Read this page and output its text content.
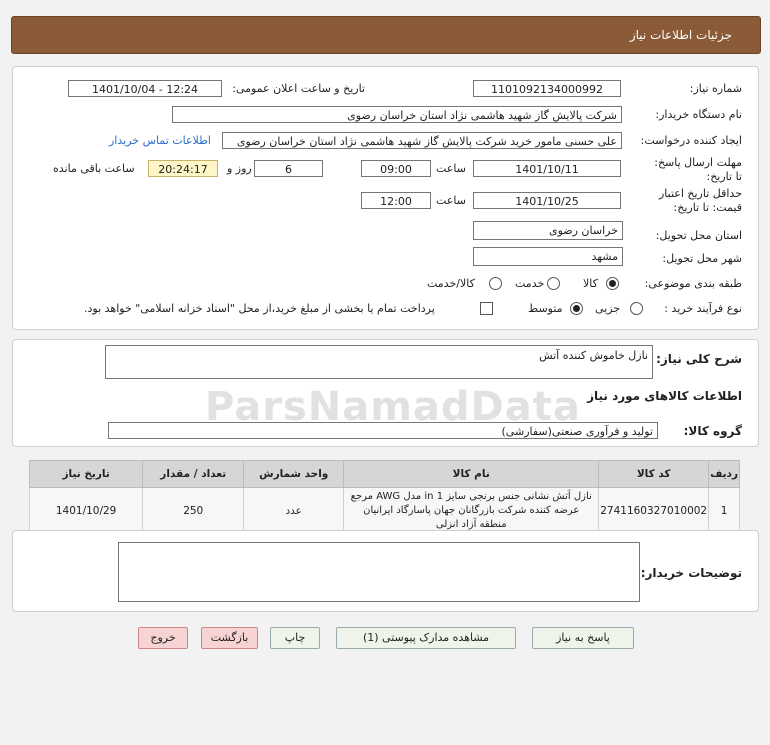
جزئیات اطلاعات نیاز
شماره نیاز:
1101092134000992
تاریخ و ساعت اعلان عمومی:
1401/10/04 - 12:24
نام دستگاه خریدار:
شرکت پالایش گاز شهید هاشمی نژاد استان خراسان رضوی
ایجاد کننده درخواست:
علی حسنی مامور خرید شرکت پالایش گاز شهید هاشمی نژاد استان خراسان رضوی
اطلاعات تماس خریدار
مهلت ارسال پاسخ: تا تاریخ:
1401/10/11
ساعت
09:00
6
روز و
20:24:17
ساعت باقی مانده
حداقل تاریخ اعتبار قیمت: تا تاریخ:
1401/10/25
ساعت
12:00
استان محل تحویل:
خراسان رضوی
شهر محل تحویل:
مشهد
طبقه بندی موضوعی:
کالا
خدمت
کالا/خدمت
نوع فرآیند خرید :
جزیی
متوسط
پرداخت تمام یا بخشی از مبلغ خرید،از محل "اسناد خزانه اسلامی" خواهد بود.
شرح کلی نیاز:
نازل خاموش کننده آتش
اطلاعات کالاهای مورد نیاز
گروه کالا:
تولید و فرآوری صنعتی(سفارشی)
ردیف	کد کالا	نام کالا	واحد شمارش	تعداد / مقدار	تاریخ نیاز
1	2741160327010002	نازل آتش نشانی جنس برنجی سایز 1 in مدل AWG مرجع عرضه کننده شرکت بازرگانان جهان پاسارگاد ایرانیان منطقه آزاد انزلی	عدد	250	1401/10/29
توضیحات خریدار:
پاسخ به نیاز
مشاهده مدارک پیوستی (1)
چاپ
بازگشت
خروج
ParsNamadData
